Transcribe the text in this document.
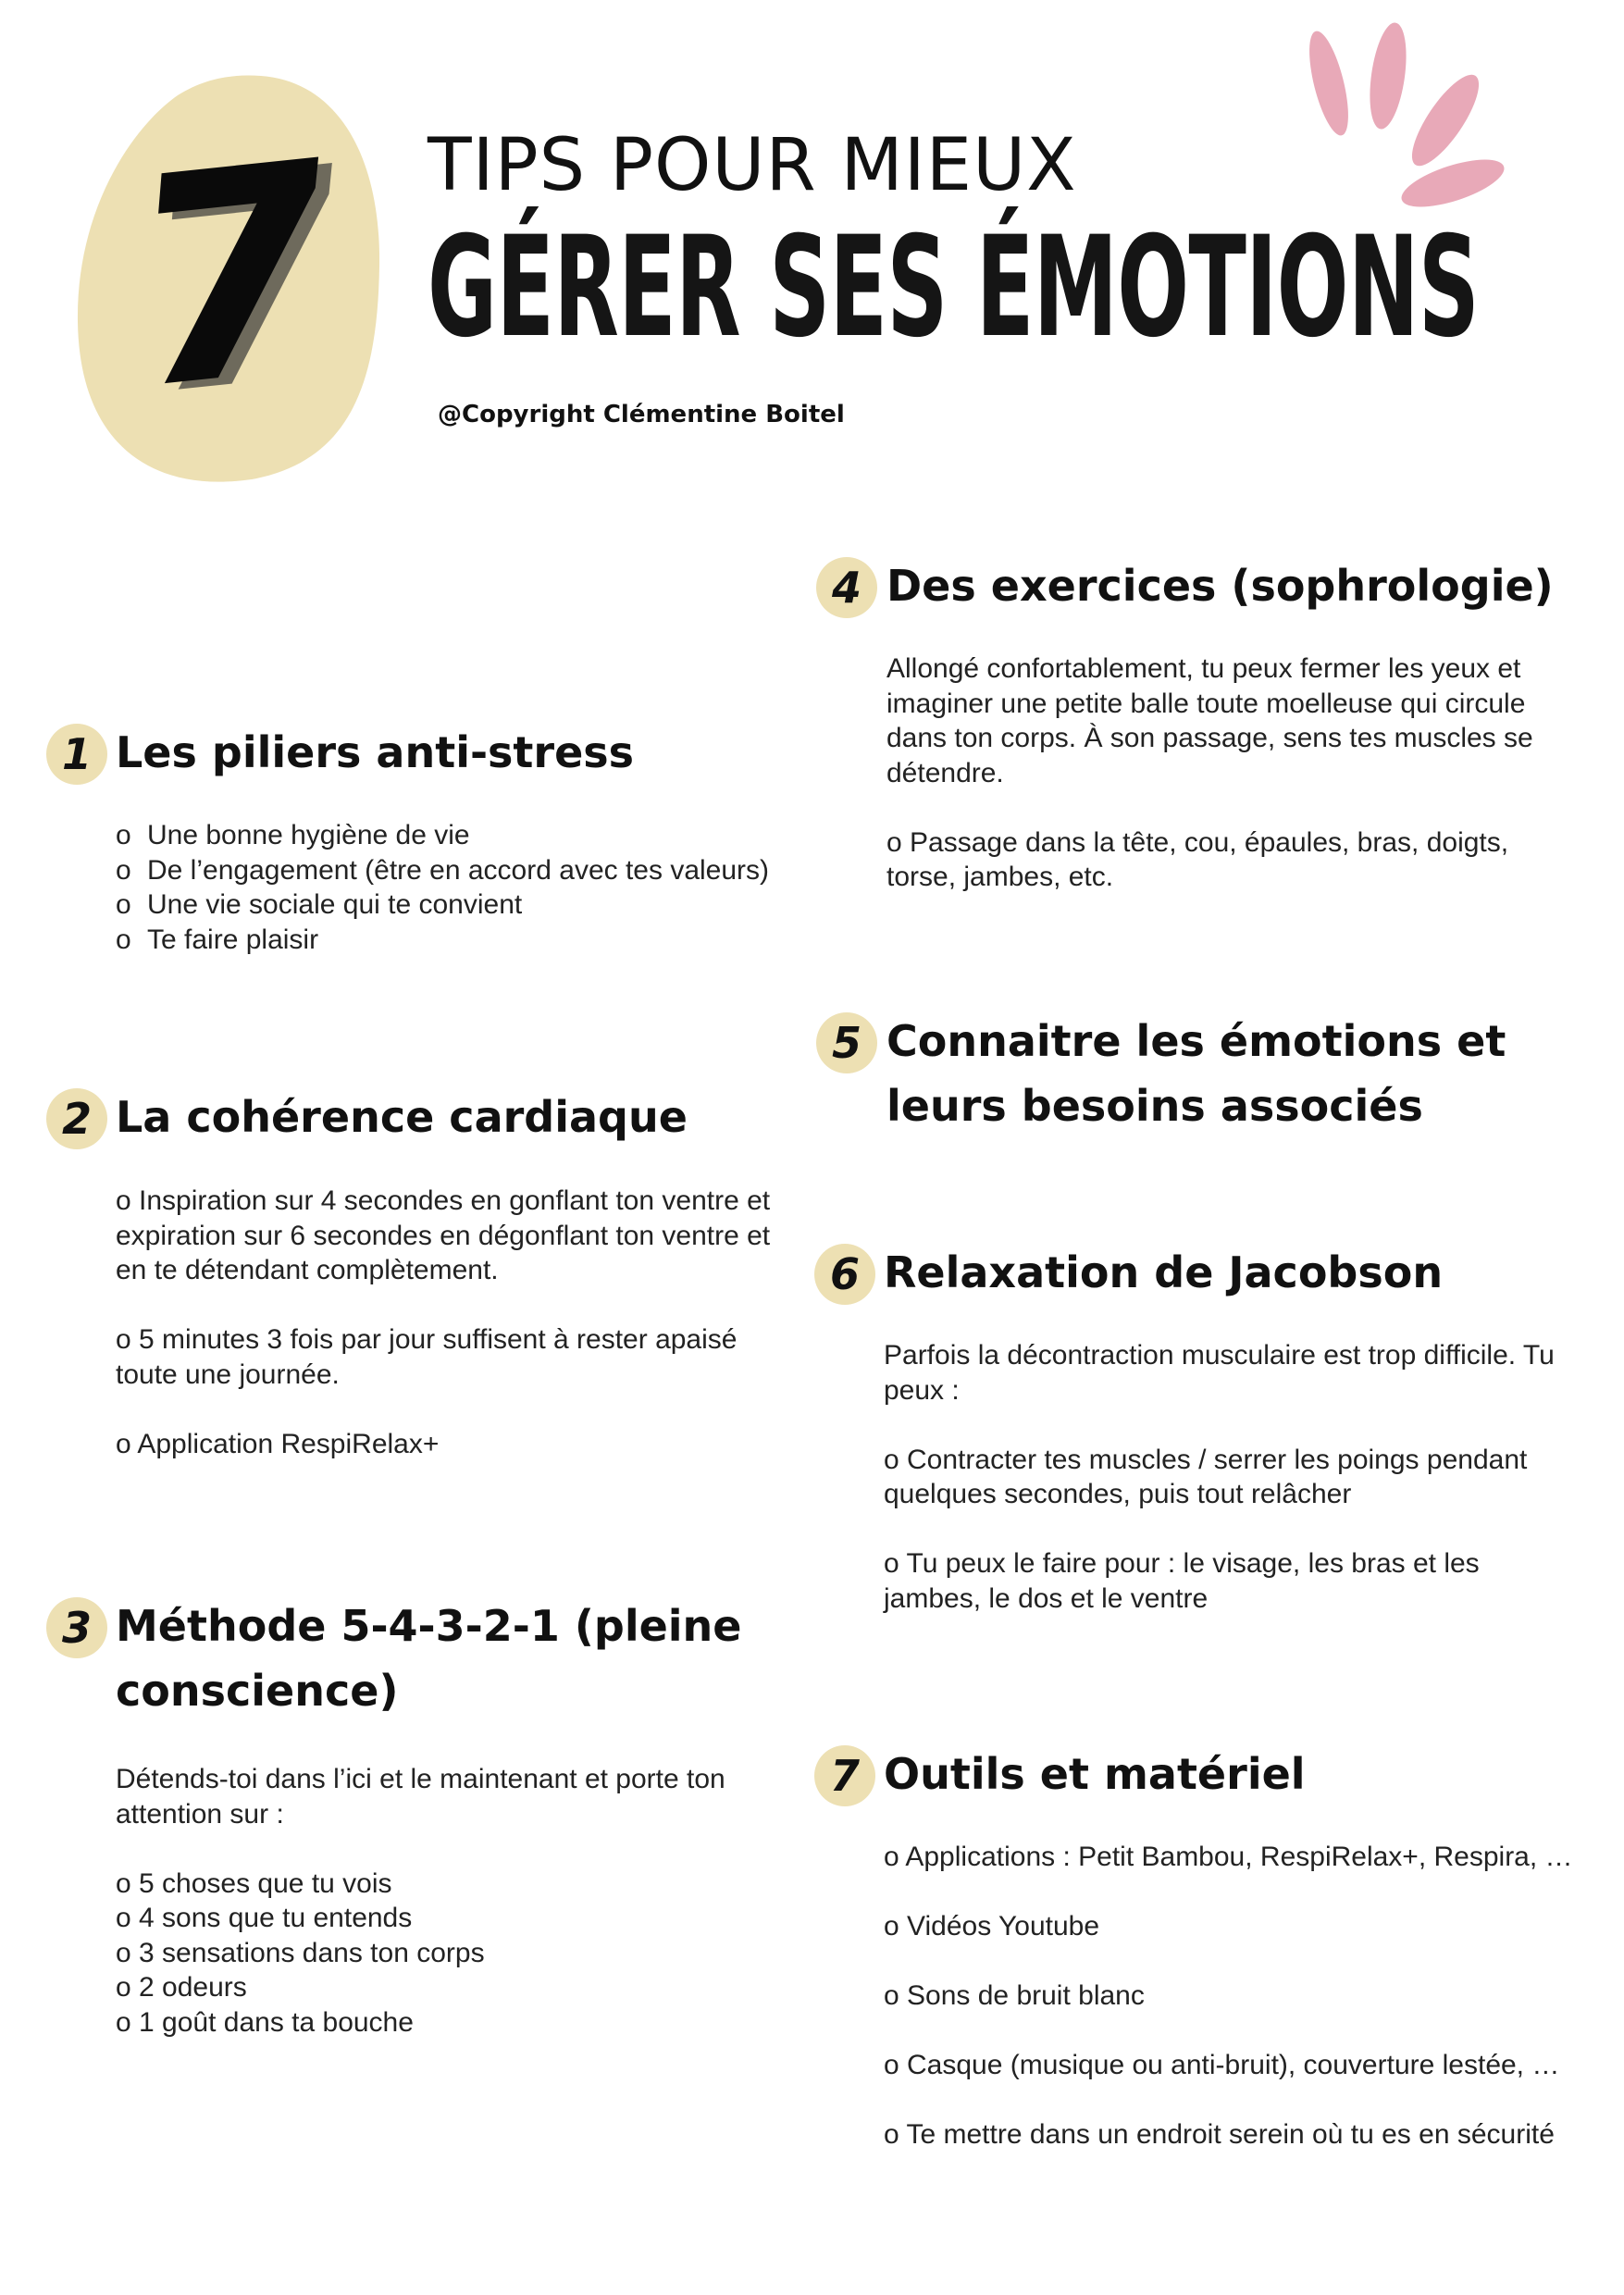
7 TIPS POUR MIEUX
GÉRER SES ÉMOTIONS
@Copyright Clémentine Boitel
1 Les piliers anti-stress
o Une bonne hygiène de vie
o De l’engagement (être en accord avec tes valeurs)
o Une vie sociale qui te convient
o Te faire plaisir
2 La cohérence cardiaque

o Inspiration sur 4 secondes en gonflant ton ventre et expiration sur 6 secondes en dégonflant ton ventre et en te détendant complètement.

o 5 minutes 3 fois par jour suffisent à rester apaisé toute une journée.

o Application RespiRelax+

3 Méthode 5-4-3-2-1 (pleine conscience)

Détends-toi dans l’ici et le maintenant et porte ton attention sur :

o 5 choses que tu vois
o 4 sons que tu entends
o 3 sensations dans ton corps
o 2 odeurs
o 1 goût dans ta bouche
4 Des exercices (sophrologie)

Allongé confortablement, tu peux fermer les yeux et imaginer une petite balle toute moelleuse qui circule dans ton corps. À son passage, sens tes muscles se détendre.

o Passage dans la tête, cou, épaules, bras, doigts, torse, jambes, etc.

5 Connaitre les émotions et leurs besoins associés
6 Relaxation de Jacobson

Parfois la décontraction musculaire est trop difficile. Tu peux :

o Contracter tes muscles / serrer les poings pendant quelques secondes, puis tout relâcher

o Tu peux le faire pour : le visage, les bras et les jambes, le dos et le ventre

7 Outils et matériel

o Applications : Petit Bambou, RespiRelax+, Respira, …

o Vidéos Youtube

o Sons de bruit blanc

o Casque (musique ou anti-bruit), couverture lestée, …

o Te mettre dans un endroit serein où tu es en sécurité
